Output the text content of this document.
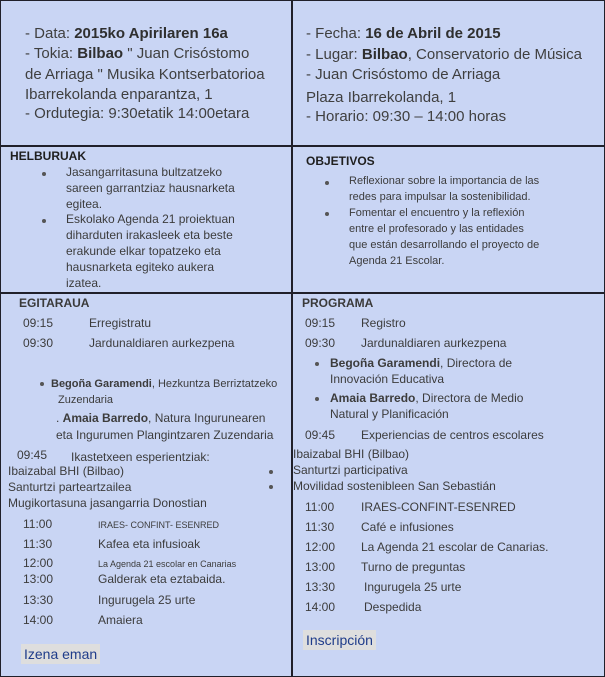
- Data: 2015ko Apirilaren 16a
- Tokia: Bilbao " Juan Crisóstomo
de Arriaga " Musika Kontserbatorioa
Ibarrekolanda enparantza, 1
- Ordutegia: 9:30etatik 14:00etara
- Fecha: 16 de Abril de 2015
- Lugar: Bilbao, Conservatorio de Música
- Juan Crisóstomo de Arriaga
Plaza Ibarrekolanda, 1
- Horario: 09:30 – 14:00 horas
HELBURUAK
Jasangarritasuna bultzatzeko
sareen garrantziaz hausnarketa
egitea.
Eskolako Agenda 21 proiektuan
diharduten irakasleek eta beste
erakunde elkar topatzeko eta
hausnarketa egiteko aukera
izatea.
OBJETIVOS
Reflexionar sobre la importancia de las
redes para impulsar la sostenibilidad.
Fomentar el encuentro y la reflexión
entre el profesorado y las entidades
que están desarrollando el proyecto de
Agenda 21 Escolar.
EGITARAUA
09:15	Erregistratu
09:30	Jardunaldiaren aurkezpena
Begoña Garamendi, Hezkuntza Berriztatzeko
Zuzendaria
. Amaia Barredo, Natura Ingurunearen
eta Ingurumen Plangintzaren Zuzendaria
09:45 Ikastetxeen esperientziak:
Ibaizabal BHI (Bilbao)
Santurtzi parteartzailea
Mugikortasuna jasangarria Donostian
11:00	IRAES- CONFINT- ESENRED
11:30	Kafea eta infusioak
12:00	La Agenda 21 escolar en Canarias
13:00	Galderak eta eztabaida.
13:30	Ingurugela 25 urte
14:00	Amaiera
Izena eman
PROGRAMA
09:15 Registro
09:30 Jardunaldiaren aurkezpena
Begoña Garamendi, Directora de
Innovación Educativa
Amaia Barredo, Directora de Medio
Natural y Planificación
09:45 Experiencias de centros escolares
Ibaizabal BHI (Bilbao)
Santurtzi participativa
Movilidad sostenibleen San Sebastián
11:00 IRAES-CONFINT-ESENRED
11:30 Café e infusiones
12:00 La Agenda 21 escolar de Canarias.
13:00 Turno de preguntas
13:30 Ingurugela 25 urte
14:00 Despedida
Inscripción
